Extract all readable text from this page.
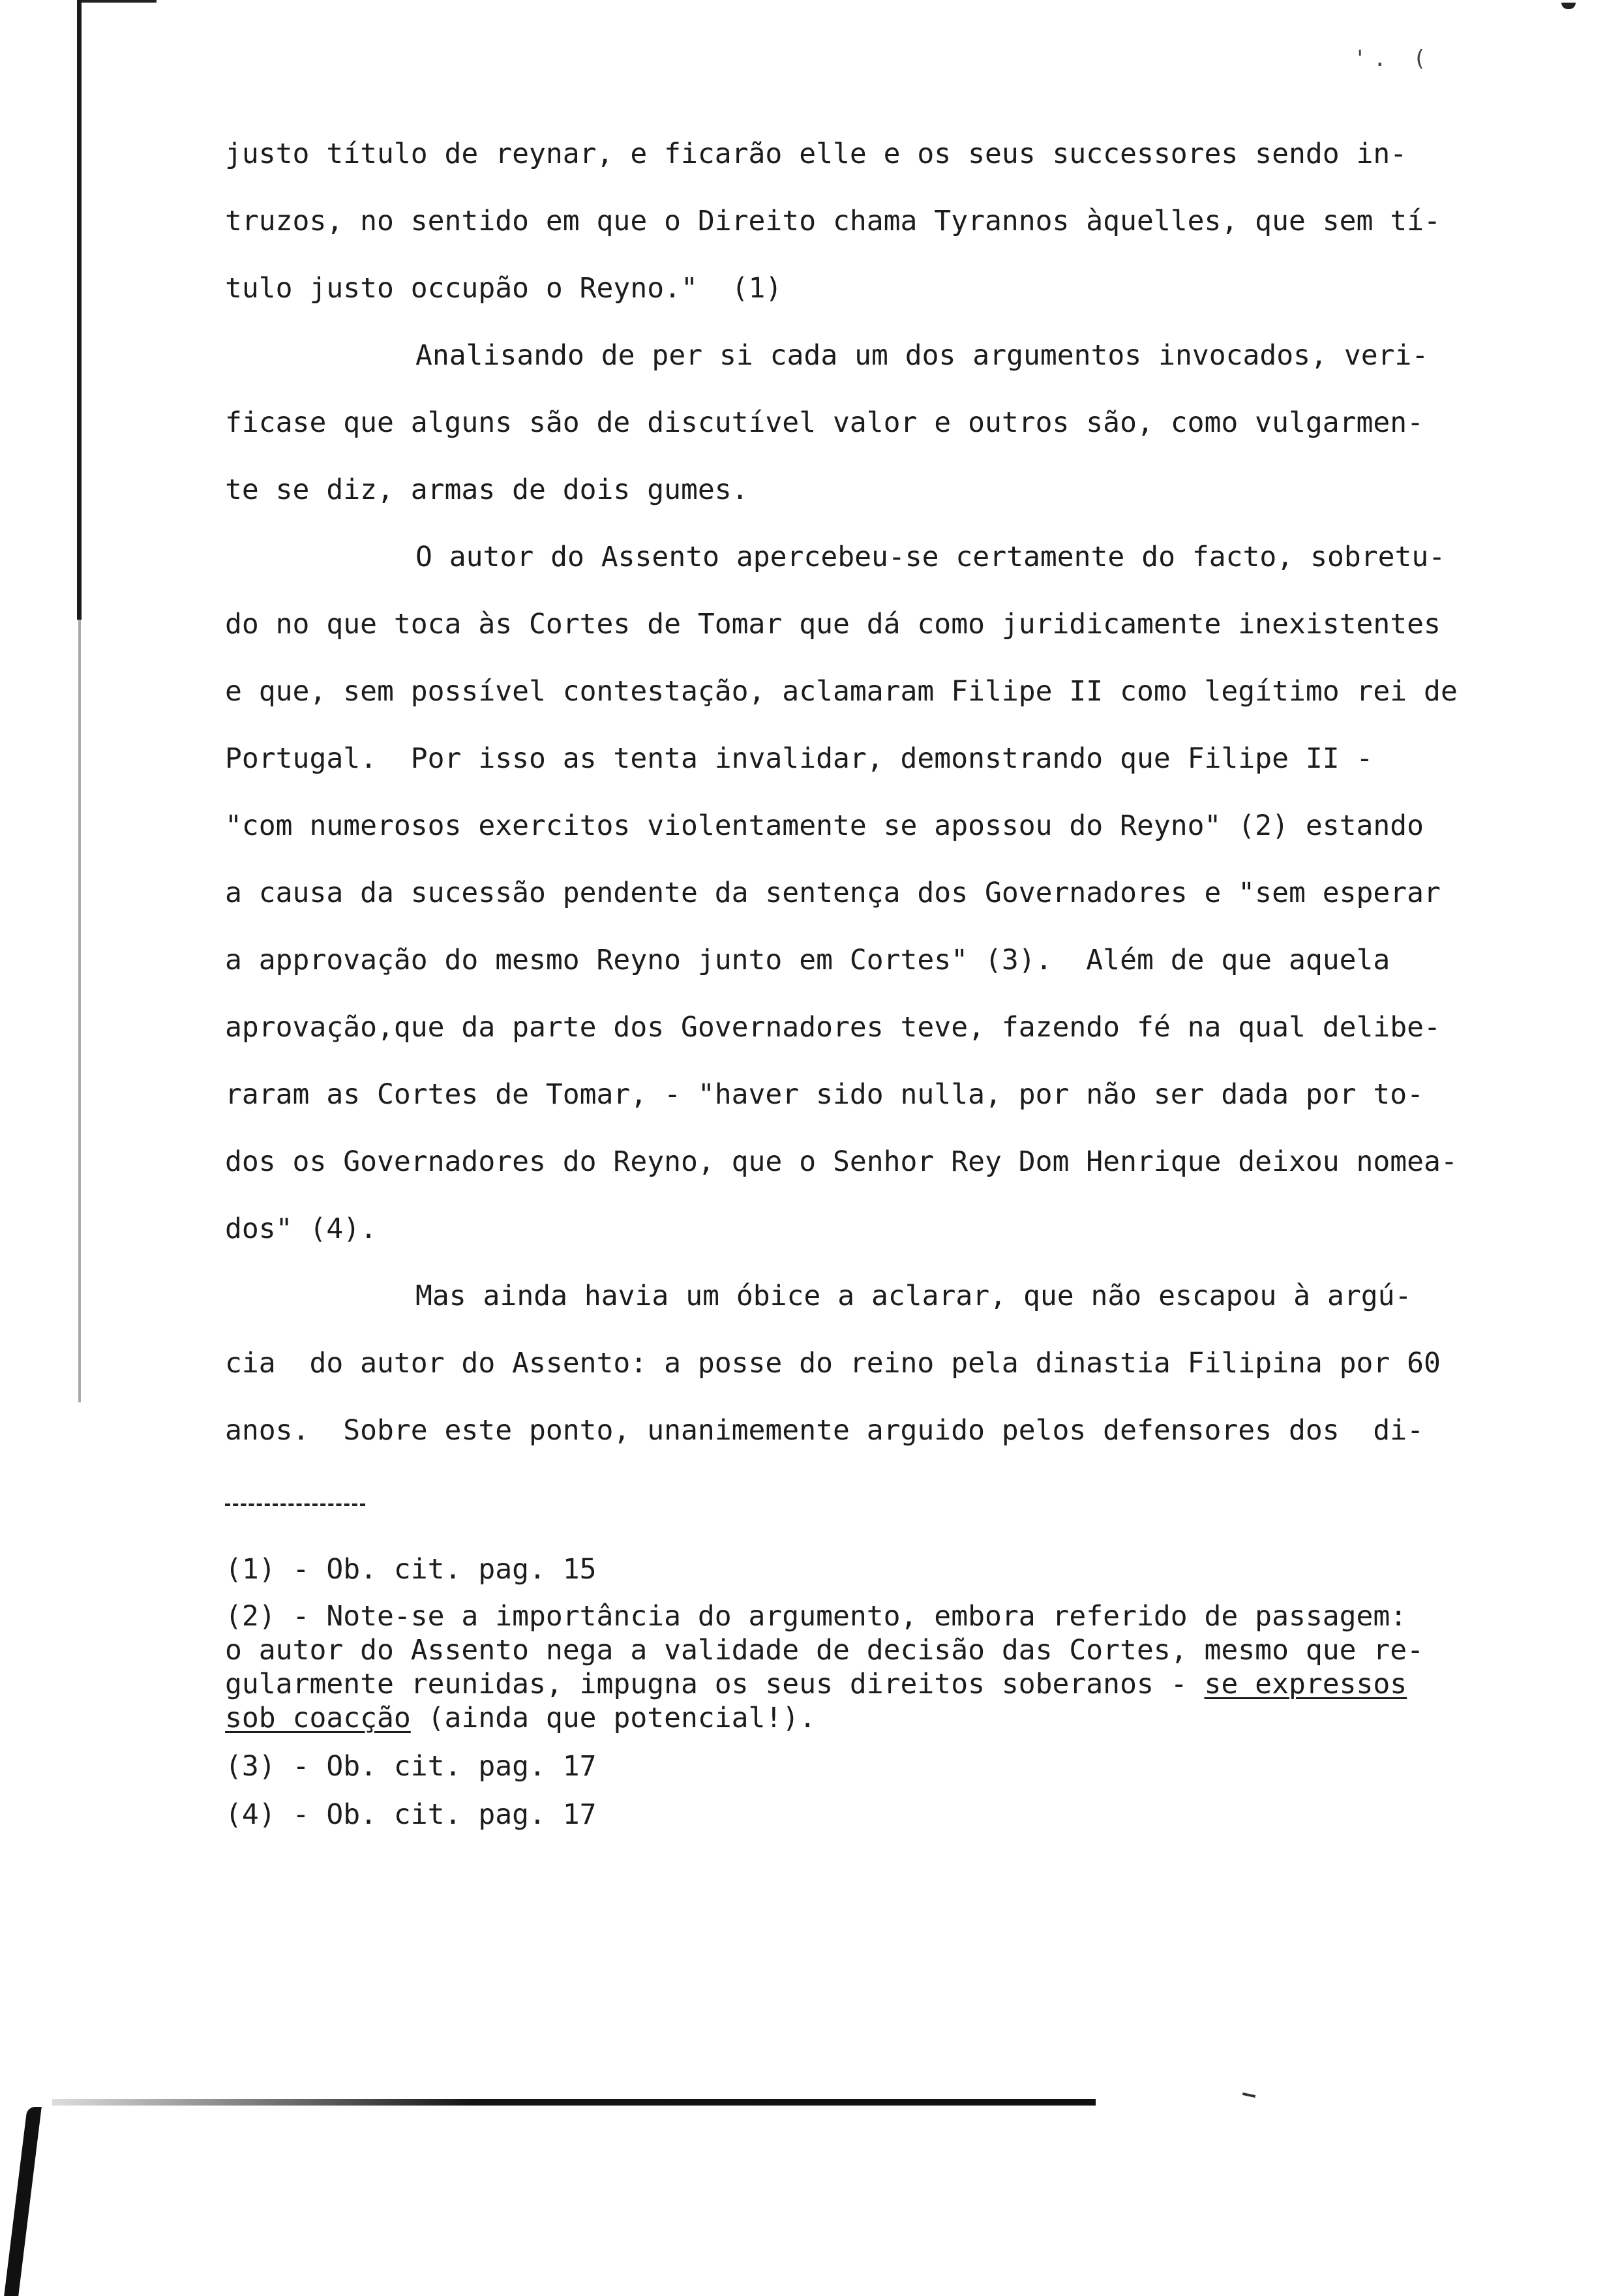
'. (
justo título de reynar, e ficarão elle e os seus successores sendo in-
truzos, no sentido em que o Direito chama Tyrannos àquelles, que sem tí-
tulo justo occupão o Reyno."  (1)
Analisando de per si cada um dos argumentos invocados, veri-
ficase que alguns são de discutível valor e outros são, como vulgarmen-
te se diz, armas de dois gumes.
O autor do Assento apercebeu-se certamente do facto, sobretu-
do no que toca às Cortes de Tomar que dá como juridicamente inexistentes
e que, sem possível contestação, aclamaram Filipe II como legítimo rei de
Portugal.  Por isso as tenta invalidar, demonstrando que Filipe II -
"com numerosos exercitos violentamente se apossou do Reyno" (2) estando
a causa da sucessão pendente da sentença dos Governadores e "sem esperar
a approvação do mesmo Reyno junto em Cortes" (3).  Além de que aquela
aprovação,que da parte dos Governadores teve, fazendo fé na qual delibe-
raram as Cortes de Tomar, - "haver sido nulla, por não ser dada por to-
dos os Governadores do Reyno, que o Senhor Rey Dom Henrique deixou nomea-
dos" (4).
Mas ainda havia um óbice a aclarar, que não escapou à argú-
cia  do autor do Assento: a posse do reino pela dinastia Filipina por 60
anos.  Sobre este ponto, unanimemente arguido pelos defensores dos  di-
(1) - Ob. cit. pag. 15
(2) - Note-se a importância do argumento, embora referido de passagem:
o autor do Assento nega a validade de decisão das Cortes, mesmo que re-
gularmente reunidas, impugna os seus direitos soberanos - se expressos
sob coacção (ainda que potencial!).
(3) - Ob. cit. pag. 17
(4) - Ob. cit. pag. 17
